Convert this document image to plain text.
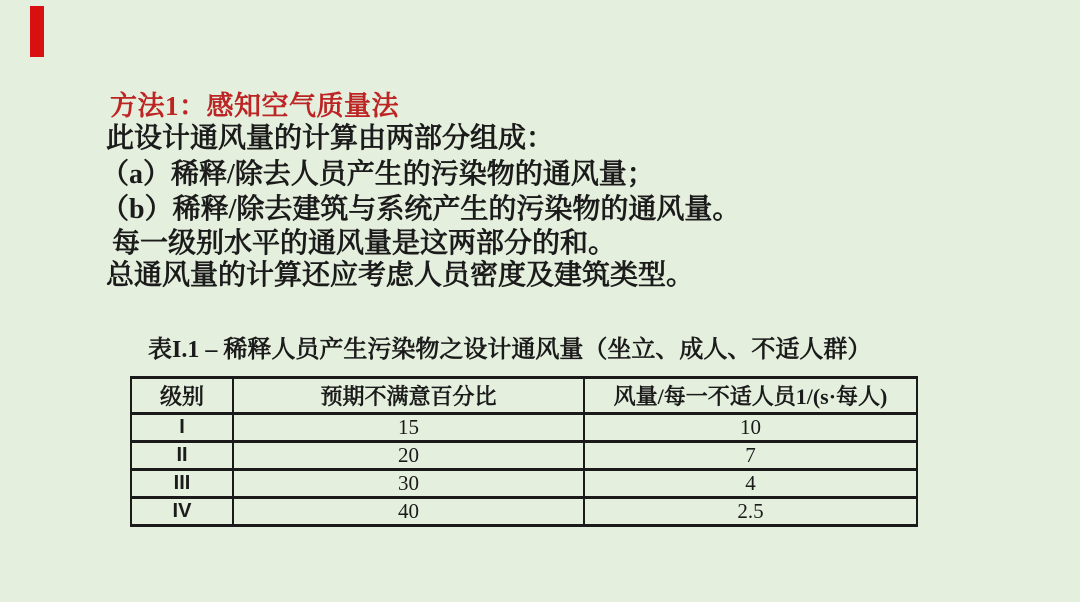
方法1：感知空气质量法

此设计通风量的计算由两部分组成：

（a）稀释/除去人员产生的污染物的通风量；

（b）稀释/除去建筑与系统产生的污染物的通风量。

每一级别水平的通风量是这两部分的和。

总通风量的计算还应考虑人员密度及建筑类型。

表I.1 – 稀释人员产生污染物之设计通风量（坐立、成人、不适人群）

级别	预期不满意百分比	风量/每一不适人员1/(s·每人)
I	15	10
II	20	7
III	30	4
IV	40	2.5
